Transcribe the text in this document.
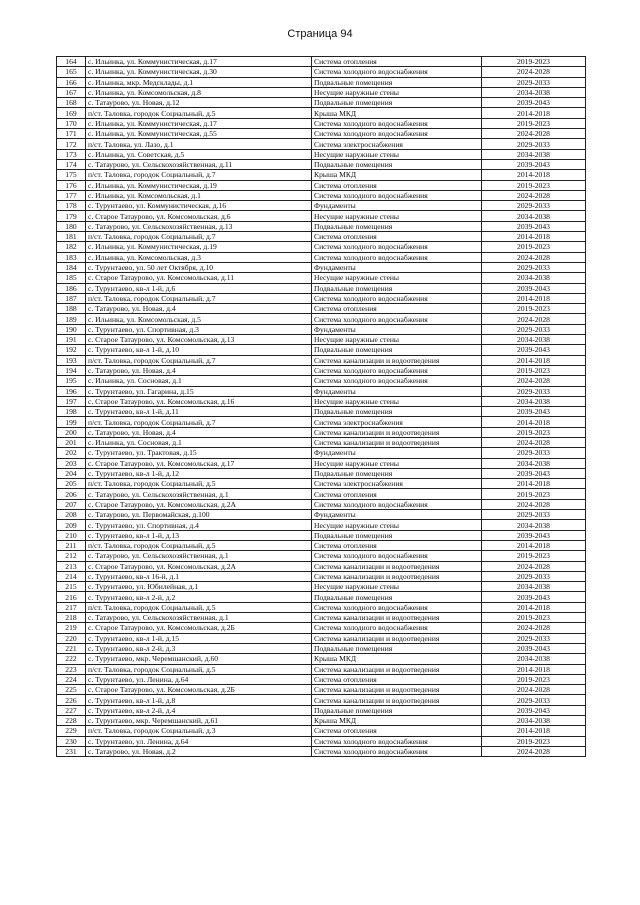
Страница 94
164	с. Ильинка, ул. Коммунистическая, д.17	Система отопления	2019-2023
165	с. Ильинка, ул. Коммунистическая, д.30	Система холодного водоснабжения	2024-2028
166	с. Ильинка, мкр. Медсклады, д.1	Подвальные помещения	2029-2033
167	с. Ильинка, ул. Комсомольская, д.8	Несущие наружные стены	2034-2038
168	с. Татаурово, ул. Новая, д.12	Подвальные помещения	2039-2043
169	п/ст. Таловка, городок Социальный, д.5	Крыша МКД	2014-2018
170	с. Ильинка, ул. Коммунистическая, д.17	Система холодного водоснабжения	2019-2023
171	с. Ильинка, ул. Коммунистическая, д.55	Система холодного водоснабжения	2024-2028
172	п/ст. Таловка, ул. Лазо, д.1	Система электроснабжения	2029-2033
173	с. Ильинка, ул. Советская, д.5	Несущие наружные стены	2034-2038
174	с. Татаурово, ул. Сельскохозяйственная, д.11	Подвальные помещения	2039-2043
175	п/ст. Таловка, городок Социальный, д.7	Крыша МКД	2014-2018
176	с. Ильинка, ул. Коммунистическая, д.19	Система отопления	2019-2023
177	с. Ильинка, ул. Комсомольская, д.1	Система холодного водоснабжения	2024-2028
178	с. Турунтаево, ул. Коммунистическая, д.16	Фундаменты	2029-2033
179	с. Старое Татаурово, ул. Комсомольская, д.6	Несущие наружные стены	2034-2038
180	с. Татаурово, ул. Сельскохозяйственная, д.13	Подвальные помещения	2039-2043
181	п/ст. Таловка, городок Социальный, д.7	Система отопления	2014-2018
182	с. Ильинка, ул. Коммунистическая, д.19	Система холодного водоснабжения	2019-2023
183	с. Ильинка, ул. Комсомольская, д.3	Система холодного водоснабжения	2024-2028
184	с. Турунтаево, ул. 50 лет Октября, д.10	Фундаменты	2029-2033
185	с. Старое Татаурово, ул. Комсомольская, д.11	Несущие наружные стены	2034-2038
186	с. Турунтаево, кв-л 1-й, д.6	Подвальные помещения	2039-2043
187	п/ст. Таловка, городок Социальный, д.7	Система холодного водоснабжения	2014-2018
188	с. Татаурово, ул. Новая, д.4	Система отопления	2019-2023
189	с. Ильинка, ул. Комсомольская, д.5	Система холодного водоснабжения	2024-2028
190	с. Турунтаево, ул. Спортивная, д.3	Фундаменты	2029-2033
191	с. Старое Татаурово, ул. Комсомольская, д.13	Несущие наружные стены	2034-2038
192	с. Турунтаево, кв-л 1-й, д.10	Подвальные помещения	2039-2043
193	п/ст. Таловка, городок Социальный, д.7	Система канализации и водоотведения	2014-2018
194	с. Татаурово, ул. Новая, д.4	Система холодного водоснабжения	2019-2023
195	с. Ильинка, ул. Сосновая, д.1	Система холодного водоснабжения	2024-2028
196	с. Турунтаево, ул. Гагарина, д.15	Фундаменты	2029-2033
197	с. Старое Татаурово, ул. Комсомольская, д.16	Несущие наружные стены	2034-2038
198	с. Турунтаево, кв-л 1-й, д.11	Подвальные помещения	2039-2043
199	п/ст. Таловка, городок Социальный, д.7	Система электроснабжения	2014-2018
200	с. Татаурово, ул. Новая, д.4	Система канализации и водоотведения	2019-2023
201	с. Ильинка, ул. Сосновая, д.1	Система канализации и водоотведения	2024-2028
202	с. Турунтаево, ул. Трактовая, д.15	Фундаменты	2029-2033
203	с. Старое Татаурово, ул. Комсомольская, д.17	Несущие наружные стены	2034-2038
204	с. Турунтаево, кв-л 1-й, д.12	Подвальные помещения	2039-2043
205	п/ст. Таловка, городок Социальный, д.5	Система электроснабжения	2014-2018
206	с. Татаурово, ул. Сельскохозяйственная, д.1	Система отопления	2019-2023
207	с. Старое Татаурово, ул. Комсомольская, д.2А	Система холодного водоснабжения	2024-2028
208	с. Татаурово, ул. Первомайская, д.100	Фундаменты	2029-2033
209	с. Турунтаево, ул. Спортивная, д.4	Несущие наружные стены	2034-2038
210	с. Турунтаево, кв-л 1-й, д.13	Подвальные помещения	2039-2043
211	п/ст. Таловка, городок Социальный, д.5	Система отопления	2014-2018
212	с. Татаурово, ул. Сельскохозяйственная, д.1	Система холодного водоснабжения	2019-2023
213	с. Старое Татаурово, ул. Комсомольская, д.2А	Система канализации и водоотведения	2024-2028
214	с. Турунтаево, кв-л 16-й, д.1	Система канализации и водоотведения	2029-2033
215	с. Турунтаево, ул. Юбилейная, д.1	Несущие наружные стены	2034-2038
216	с. Турунтаево, кв-л 2-й, д.2	Подвальные помещения	2039-2043
217	п/ст. Таловка, городок Социальный, д.5	Система холодного водоснабжения	2014-2018
218	с. Татаурово, ул. Сельскохозяйственная, д.1	Система канализации и водоотведения	2019-2023
219	с. Старое Татаурово, ул. Комсомольская, д.2Б	Система холодного водоснабжения	2024-2028
220	с. Турунтаево, кв-л 1-й, д.15	Система канализации и водоотведения	2029-2033
221	с. Турунтаево, кв-л 2-й, д.3	Подвальные помещения	2039-2043
222	с. Турунтаево, мкр. Черемшанский, д.60	Крыша МКД	2034-2038
223	п/ст. Таловка, городок Социальный, д.5	Система канализации и водоотведения	2014-2018
224	с. Турунтаево, ул. Ленина, д.64	Система отопления	2019-2023
225	с. Старое Татаурово, ул. Комсомольская, д.2Б	Система канализации и водоотведения	2024-2028
226	с. Турунтаево, кв-л 1-й, д.8	Система канализации и водоотведения	2029-2033
227	с. Турунтаево, кв-л 2-й, д.4	Подвальные помещения	2039-2043
228	с. Турунтаево, мкр. Черемшанский, д.61	Крыша МКД	2034-2038
229	п/ст. Таловка, городок Социальный, д.3	Система отопления	2014-2018
230	с. Турунтаево, ул. Ленина, д.64	Система холодного водоснабжения	2019-2023
231	с. Татаурово, ул. Новая, д.2	Система холодного водоснабжения	2024-2028
